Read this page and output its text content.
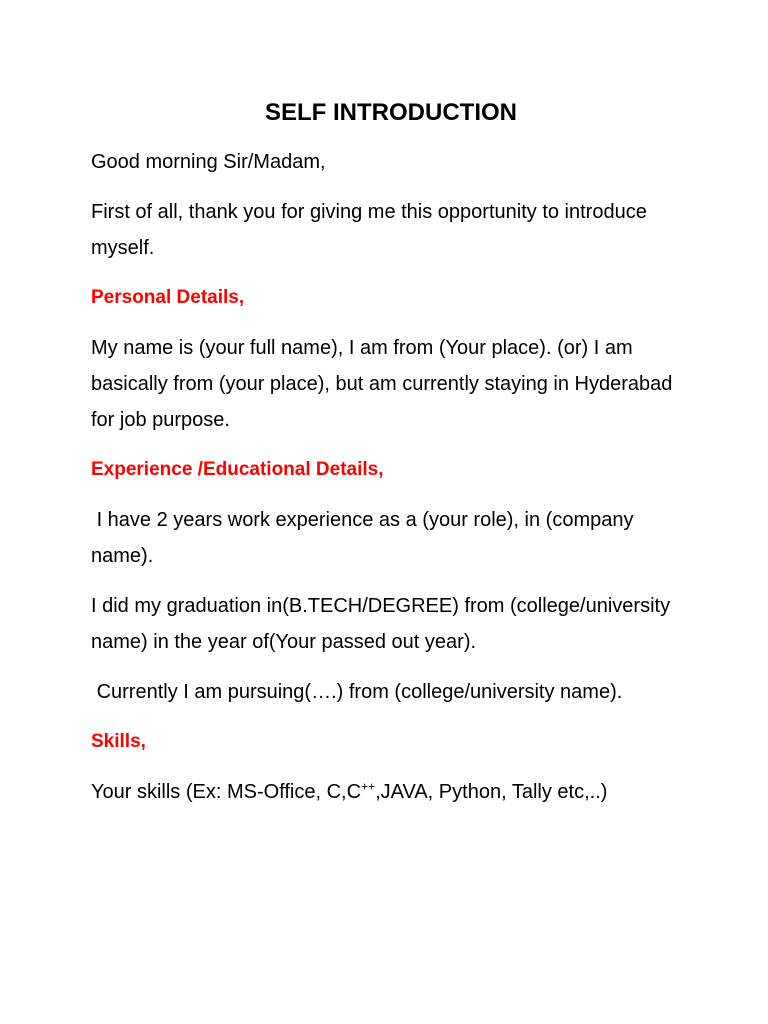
SELF INTRODUCTION
Good morning Sir/Madam,
First of all, thank you for giving me this opportunity to introduce myself.
Personal Details,
My name is (your full name), I am from (Your place). (or) I am basically from (your place), but am currently staying in Hyderabad for job purpose.
Experience /Educational Details,
I have 2 years work experience as a (your role), in (company name).
I did my graduation in(B.TECH/DEGREE) from (college/university name) in the year of(Your passed out year).
Currently I am pursuing(….) from (college/university name).
Skills,
Your skills (Ex: MS-Office, C,C++,JAVA, Python, Tally etc,..)
